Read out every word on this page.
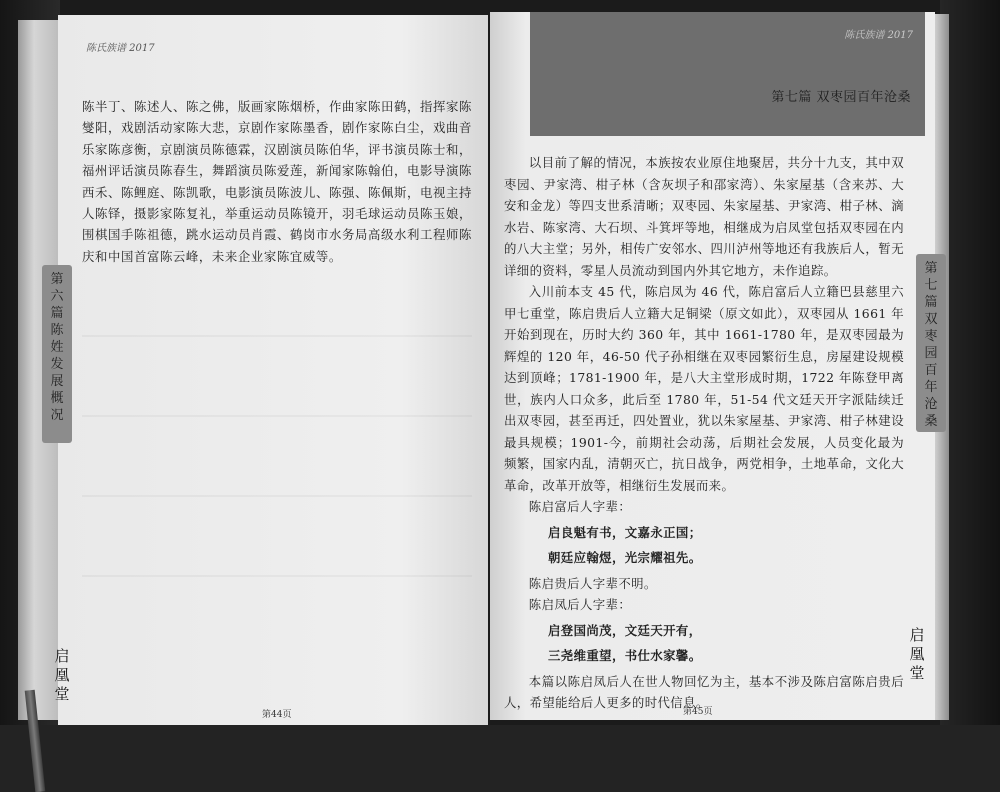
陈氏族谱 2017

陈半丁、陈述人、陈之佛，版画家陈烟桥，作曲家陈田鹤，指挥家陈燮阳，戏剧活动家陈大悲，京剧作家陈墨香，剧作家陈白尘，戏曲音乐家陈彦衡，京剧演员陈德霖，汉剧演员陈伯华，评书演员陈士和，福州评话演员陈春生，舞蹈演员陈爱莲，新闻家陈翰伯，电影导演陈西禾、陈鲤庭、陈凯歌，电影演员陈波儿、陈强、陈佩斯，电视主持人陈铎，摄影家陈复礼，举重运动员陈镜开，羽毛球运动员陈玉娘，围棋国手陈祖德，跳水运动员肖霞、鹤岗市水务局高级水利工程师陈庆和中国首富陈云峰，未来企业家陈宜威等。

第
六
篇
陈
姓
发
展
概
况
启 凰 堂
第44页
陈氏族谱 2017
第七篇 双枣园百年沧桑

以目前了解的情况，本族按农业原住地聚居，共分十九支，其中双枣园、尹家湾、柑子林（含灰坝子和邵家湾）、朱家屋基（含来苏、大安和金龙）等四支世系清晰；双枣园、朱家屋基、尹家湾、柑子林、滴水岩、陈家湾、大石坝、斗箕坪等地，相继成为启凤堂包括双枣园在内的八大主堂；另外，相传广安邻水、四川泸州等地还有我族后人，暂无详细的资料，零星人员流动到国内外其它地方，未作追踪。

入川前本支 45 代，陈启凤为 46 代，陈启富后人立籍巴县慈里六甲七重堂，陈启贵后人立籍大足铜梁（原文如此），双枣园从 1661 年开始到现在，历时大约 360 年，其中 1661-1780 年，是双枣园最为辉煌的 120 年，46-50 代子孙相继在双枣园繁衍生息，房屋建设规模达到顶峰；1781-1900 年，是八大主堂形成时期，1722 年陈登甲离世，族内人口众多，此后至 1780 年，51-54 代文廷天开字派陆续迁出双枣园，甚至再迁，四处置业，犹以朱家屋基、尹家湾、柑子林建设最具规模；1901-今，前期社会动荡，后期社会发展，人员变化最为 频繁，国家内乱，清朝灭亡，抗日战争，两党相争，土地革命，文化大革命，改革开放等，相继衍生发展而来。

陈启富后人字辈：

启良魁有书，文嘉永正国；

朝廷应翰煜，光宗耀祖先。

陈启贵后人字辈不明。

陈启凤后人字辈：

启登国尚茂，文廷天开有，

三尧维重望，书仕水家馨。

本篇以陈启凤后人在世人物回忆为主，基本不涉及陈启富陈启贵后人，希望能给后人更多的时代信息。

第
七
篇
双
枣
园
百
年
沧
桑
启 凰 堂
第45页
